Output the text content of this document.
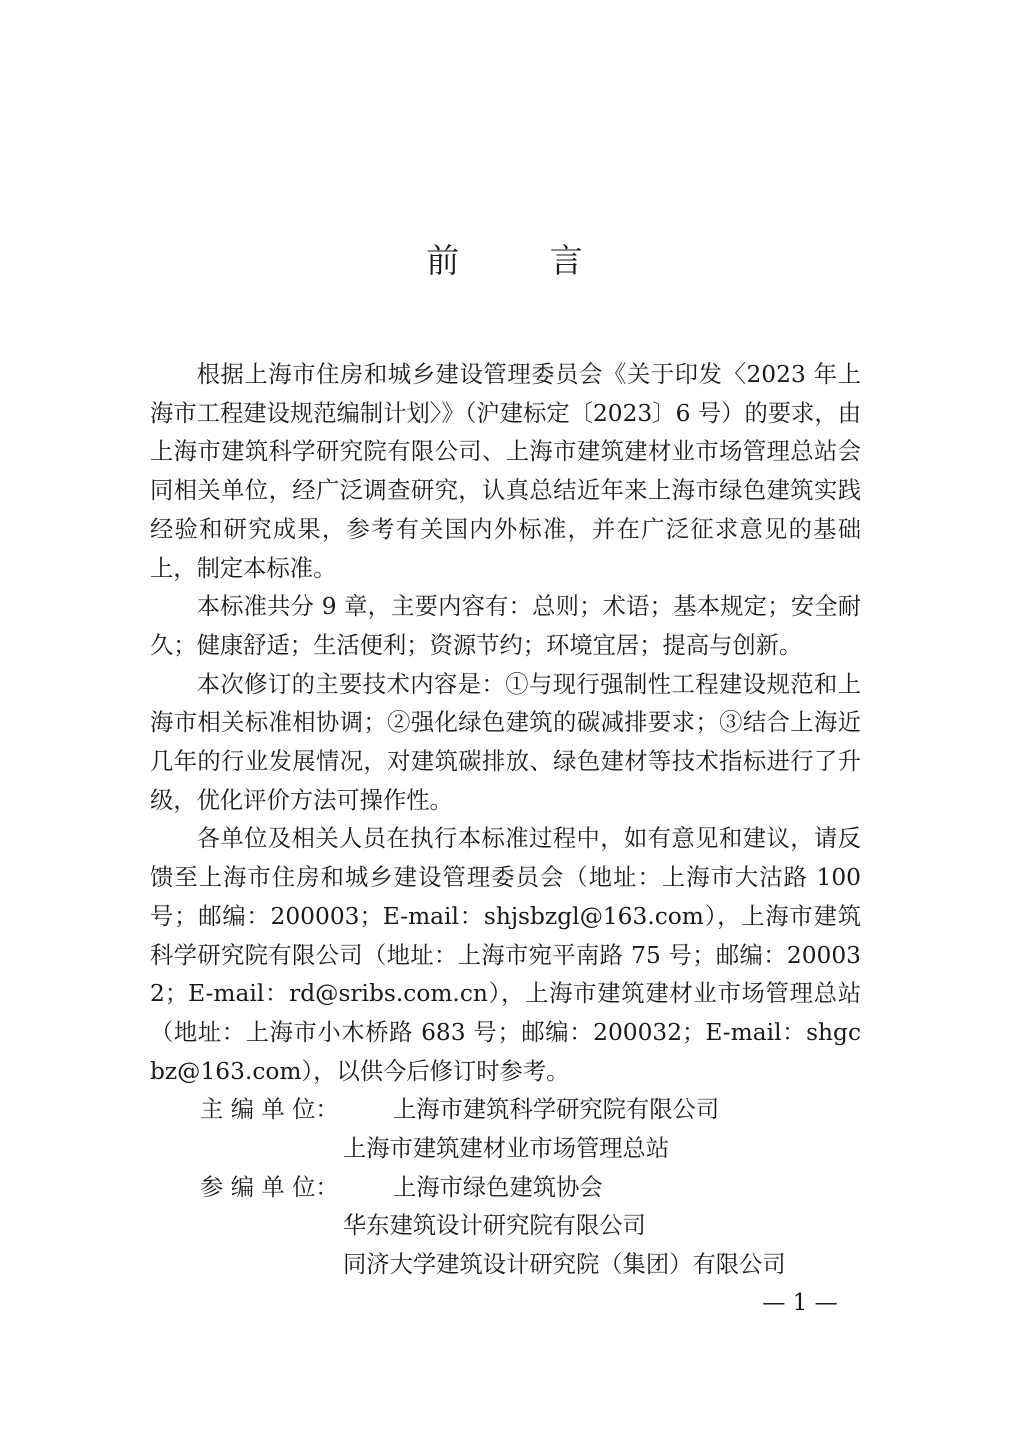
前 言

根据上海市住房和城乡建设管理委员会《关于印发〈2023 年上海市工程建设规范编制计划〉》（沪建标定〔2023〕6 号）的要求，由上海市建筑科学研究院有限公司、上海市建筑建材业市场管理总站会同相关单位，经广泛调查研究，认真总结近年来上海市绿色建筑实践经验和研究成果，参考有关国内外标准，并在广泛征求意见的基础上，制定本标准。

本标准共分 9 章，主要内容有：总则；术语；基本规定；安全耐久；健康舒适；生活便利；资源节约；环境宜居；提高与创新。

本次修订的主要技术内容是：①与现行强制性工程建设规范和上海市相关标准相协调；②强化绿色建筑的碳减排要求；③结合上海近几年的行业发展情况，对建筑碳排放、绿色建材等技术指标进行了升级，优化评价方法可操作性。

各单位及相关人员在执行本标准过程中，如有意见和建议，请反馈至上海市住房和城乡建设管理委员会（地址：上海市大沽路 100 号；邮编：200003；E-mail：shjsbzgl@163.com），上海市建筑科学研究院有限公司（地址：上海市宛平南路 75 号；邮编：200032；E-mail：rd@sribs.com.cn），上海市建筑建材业市场管理总站（地址：上海市小木桥路 683 号；邮编：200032；E-mail：shgcbz@163.com），以供今后修订时参考。

主 编 单 位：	上海市建筑科学研究院有限公司
上海市建筑建材业市场管理总站
参 编 单 位：	上海市绿色建筑协会
华东建筑设计研究院有限公司
同济大学建筑设计研究院（集团）有限公司
— 1 —
